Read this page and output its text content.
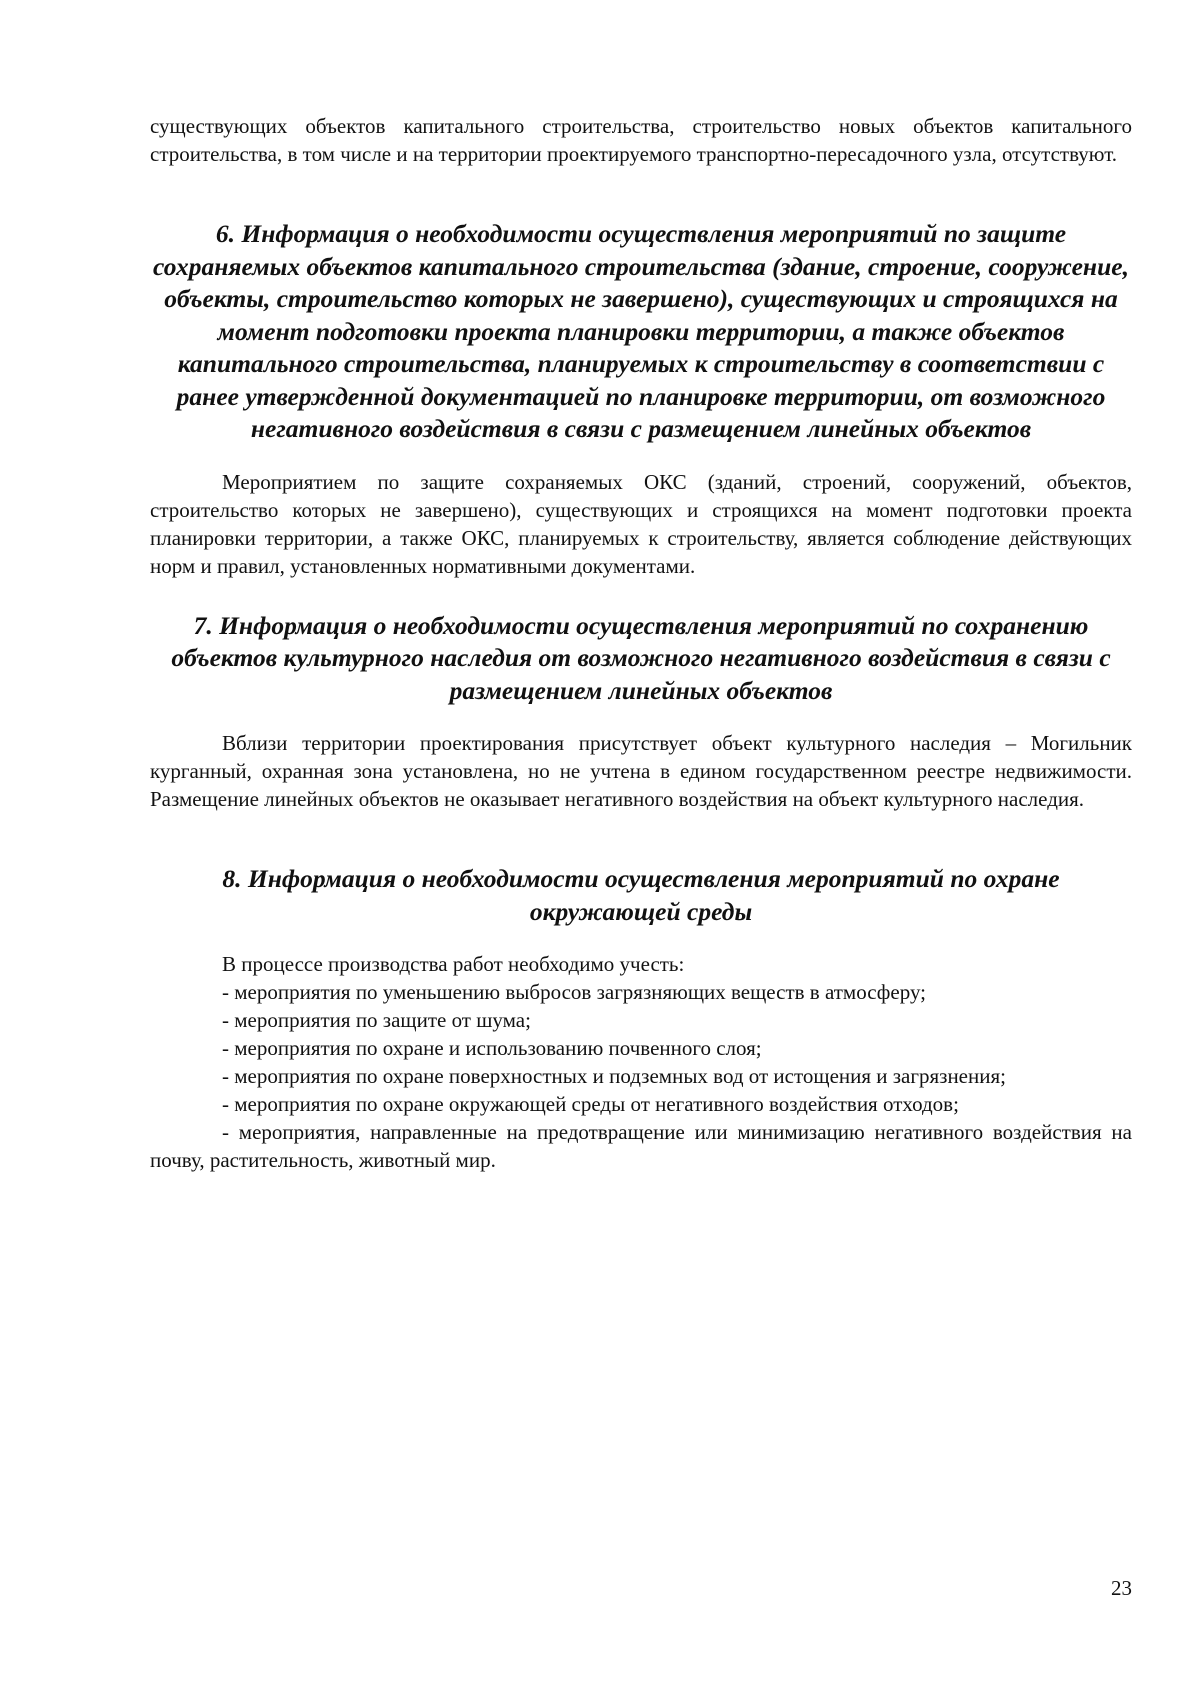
существующих объектов капитального строительства, строительство новых объектов капитального строительства, в том числе и на территории проектируемого транспортно-пересадочного узла, отсутствуют.

6. Информация о необходимости осуществления мероприятий по защите сохраняемых объектов капитального строительства (здание, строение, сооружение, объекты, строительство которых не завершено), существующих и строящихся на момент подготовки проекта планировки территории, а также объектов капитального строительства, планируемых к строительству в соответствии с ранее утвержденной документацией по планировке территории, от возможного негативного воздействия в связи с размещением линейных объектов

Мероприятием по защите сохраняемых ОКС (зданий, строений, сооружений, объектов, строительство которых не завершено), существующих и строящихся на момент подготовки проекта планировки территории, а также ОКС, планируемых к строительству, является соблюдение действующих норм и правил, установленных нормативными документами.

7. Информация о необходимости осуществления мероприятий по сохранению объектов культурного наследия от возможного негативного воздействия в связи с размещением линейных объектов

Вблизи территории проектирования присутствует объект культурного наследия – Могильник курганный, охранная зона установлена, но не учтена в едином государственном реестре недвижимости. Размещение линейных объектов не оказывает негативного воздействия на объект культурного наследия.

8. Информация о необходимости осуществления мероприятий по охране окружающей среды

В процессе производства работ необходимо учесть:

- мероприятия по уменьшению выбросов загрязняющих веществ в атмосферу;
- мероприятия по защите от шума;
- мероприятия по охране и использованию почвенного слоя;
- мероприятия по охране поверхностных и подземных вод от истощения и загрязнения;
- мероприятия по охране окружающей среды от негативного воздействия отходов;
- мероприятия, направленные на предотвращение или минимизацию негативного воздействия на почву, растительность, животный мир.
23
